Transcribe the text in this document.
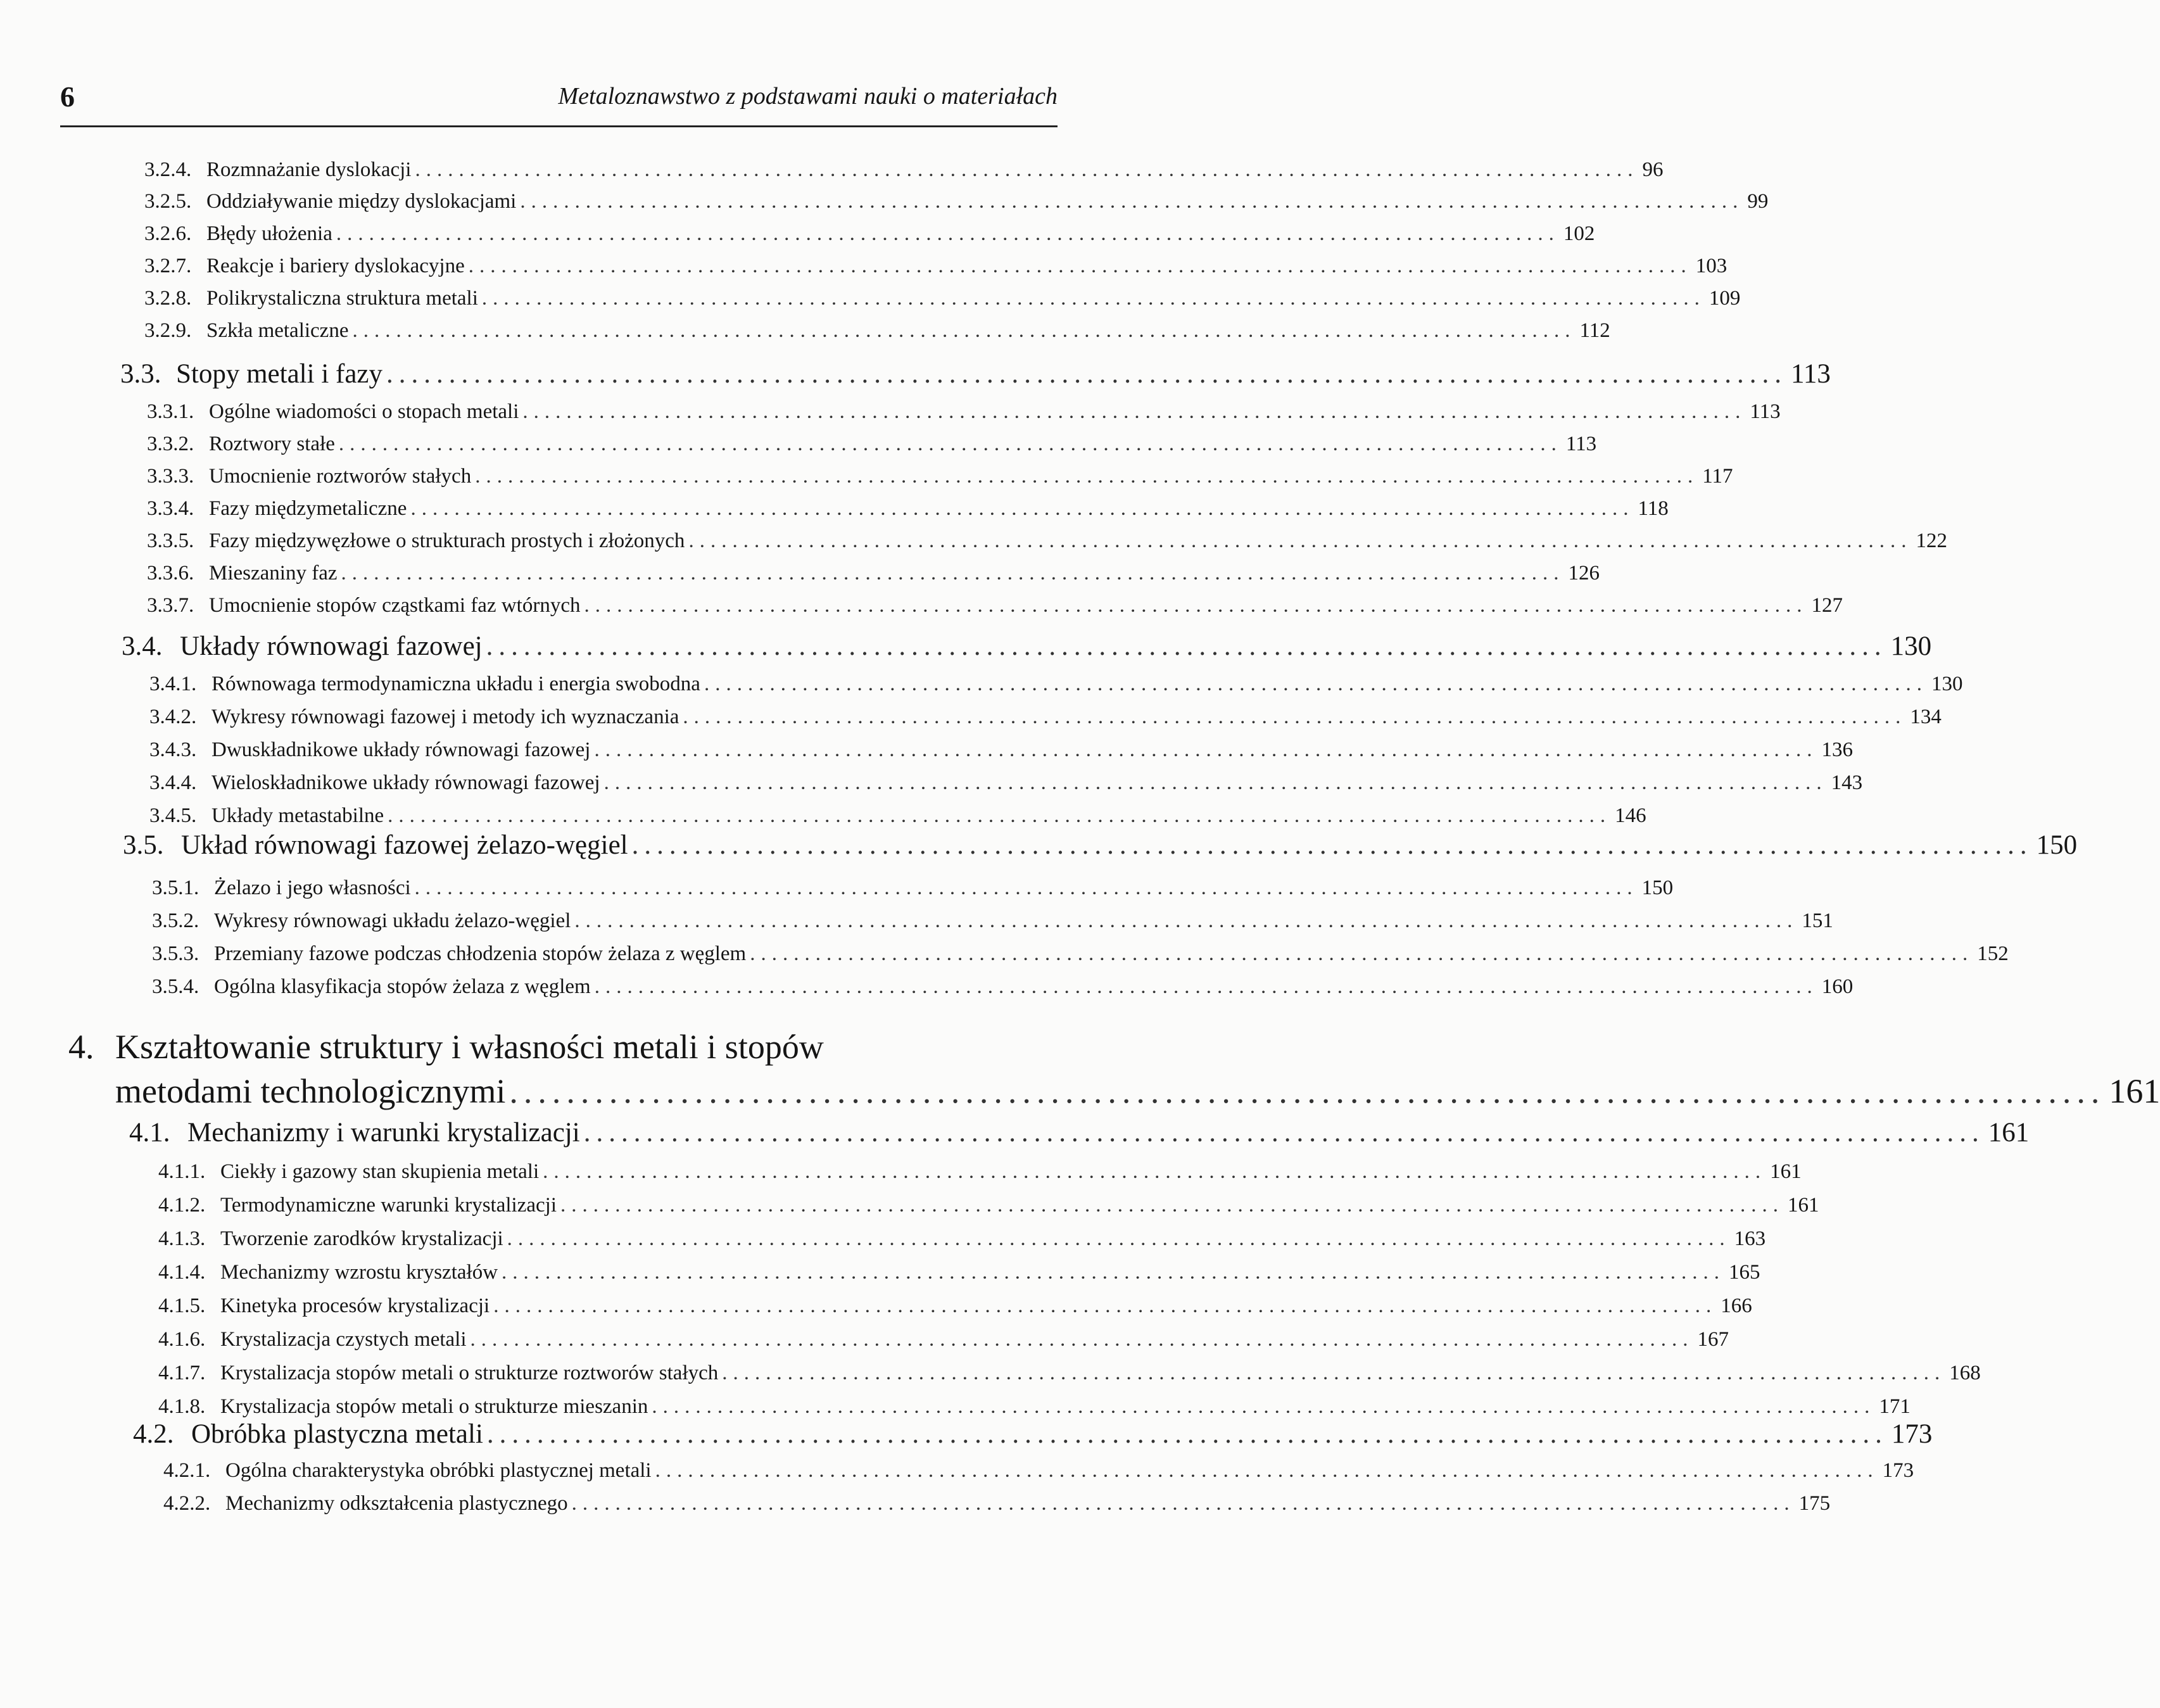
6	Metaloznawstwo z podstawami nauki o materiałach
3.2.4. Rozmnażanie dyslokacji ................................................................................................................ 96
3.2.5. Oddziaływanie między dyslokacjami ................................................................................................................ 99
3.2.6. Błędy ułożenia ................................................................................................................ 102
3.2.7. Reakcje i bariery dyslokacyjne ................................................................................................................ 103
3.2.8. Polikrystaliczna struktura metali ................................................................................................................ 109
3.2.9. Szkła metaliczne ................................................................................................................ 112
3.3. Stopy metali i fazy ................................................................................................................ 113
3.3.1. Ogólne wiadomości o stopach metali ................................................................................................................ 113
3.3.2. Roztwory stałe ................................................................................................................ 113
3.3.3. Umocnienie roztworów stałych ................................................................................................................ 117
3.3.4. Fazy międzymetaliczne ................................................................................................................ 118
3.3.5. Fazy międzywęzłowe o strukturach prostych i złożonych ................................................................................................................ 122
3.3.6. Mieszaniny faz ................................................................................................................ 126
3.3.7. Umocnienie stopów cząstkami faz wtórnych ................................................................................................................ 127
3.4. Układy równowagi fazowej ................................................................................................................ 130
3.4.1. Równowaga termodynamiczna układu i energia swobodna ................................................................................................................ 130
3.4.2. Wykresy równowagi fazowej i metody ich wyznaczania ................................................................................................................ 134
3.4.3. Dwuskładnikowe układy równowagi fazowej ................................................................................................................ 136
3.4.4. Wieloskładnikowe układy równowagi fazowej ................................................................................................................ 143
3.4.5. Układy metastabilne ................................................................................................................ 146
3.5. Układ równowagi fazowej żelazo-węgiel ................................................................................................................ 150
3.5.1. Żelazo i jego własności ................................................................................................................ 150
3.5.2. Wykresy równowagi układu żelazo-węgiel ................................................................................................................ 151
3.5.3. Przemiany fazowe podczas chłodzenia stopów żelaza z węglem ................................................................................................................ 152
3.5.4. Ogólna klasyfikacja stopów żelaza z węglem ................................................................................................................ 160
4. Kształtowanie struktury i własności metali i stopów
metodami technologicznymi ................................................................................................................ 161
4.1. Mechanizmy i warunki krystalizacji ................................................................................................................ 161
4.1.1. Ciekły i gazowy stan skupienia metali ................................................................................................................ 161
4.1.2. Termodynamiczne warunki krystalizacji ................................................................................................................ 161
4.1.3. Tworzenie zarodków krystalizacji ................................................................................................................ 163
4.1.4. Mechanizmy wzrostu kryształów ................................................................................................................ 165
4.1.5. Kinetyka procesów krystalizacji ................................................................................................................ 166
4.1.6. Krystalizacja czystych metali ................................................................................................................ 167
4.1.7. Krystalizacja stopów metali o strukturze roztworów stałych ................................................................................................................ 168
4.1.8. Krystalizacja stopów metali o strukturze mieszanin ................................................................................................................ 171
4.2. Obróbka plastyczna metali ................................................................................................................ 173
4.2.1. Ogólna charakterystyka obróbki plastycznej metali ................................................................................................................ 173
4.2.2. Mechanizmy odkształcenia plastycznego ................................................................................................................ 175
